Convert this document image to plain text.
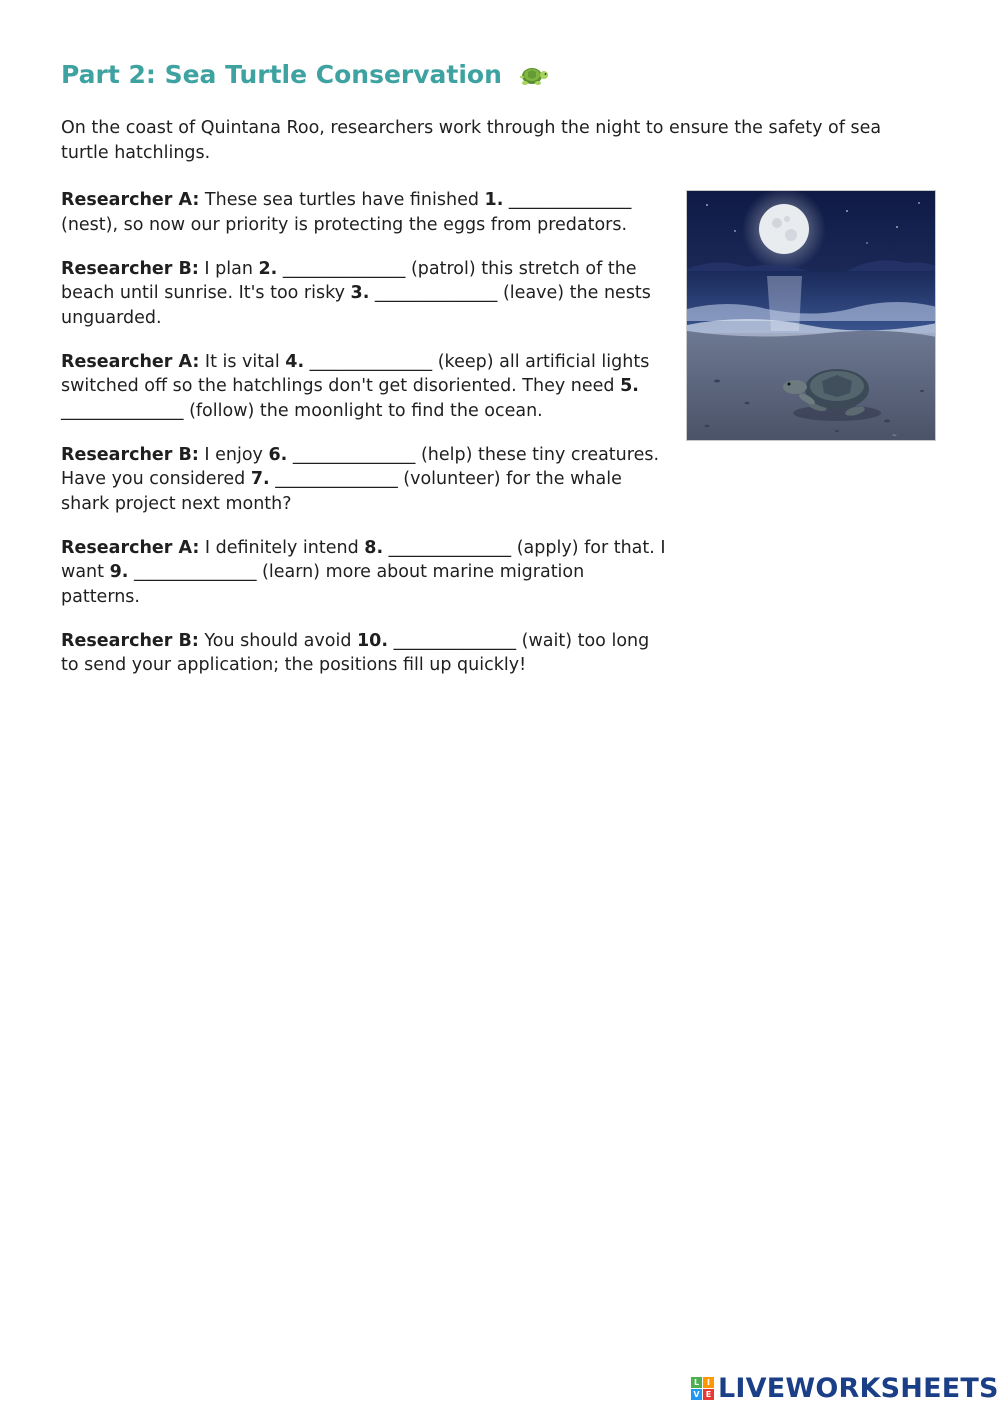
Part 2: Sea Turtle Conservation

On the coast of Quintana Roo, researchers work through the night to ensure the safety of sea turtle hatchlings.

Researcher A: These sea turtles have finished 1. ______________ (nest), so now our priority is protecting the eggs from predators.

Researcher B: I plan 2. ______________ (patrol) this stretch of the beach until sunrise. It's too risky 3. ______________ (leave) the nests unguarded.

Researcher A: It is vital 4. ______________ (keep) all artificial lights switched off so the hatchlings don't get disoriented. They need 5. ______________ (follow) the moonlight to find the ocean.

Researcher B: I enjoy 6. ______________ (help) these tiny creatures. Have you considered 7. ______________ (volunteer) for the whale shark project next month?

Researcher A: I definitely intend 8. ______________ (apply) for that. I want 9. ______________ (learn) more about marine migration patterns.

Researcher B: You should avoid 10. ______________ (wait) too long to send your application; the positions fill up quickly!

~
L I
V E LIVEWORKSHEETS
